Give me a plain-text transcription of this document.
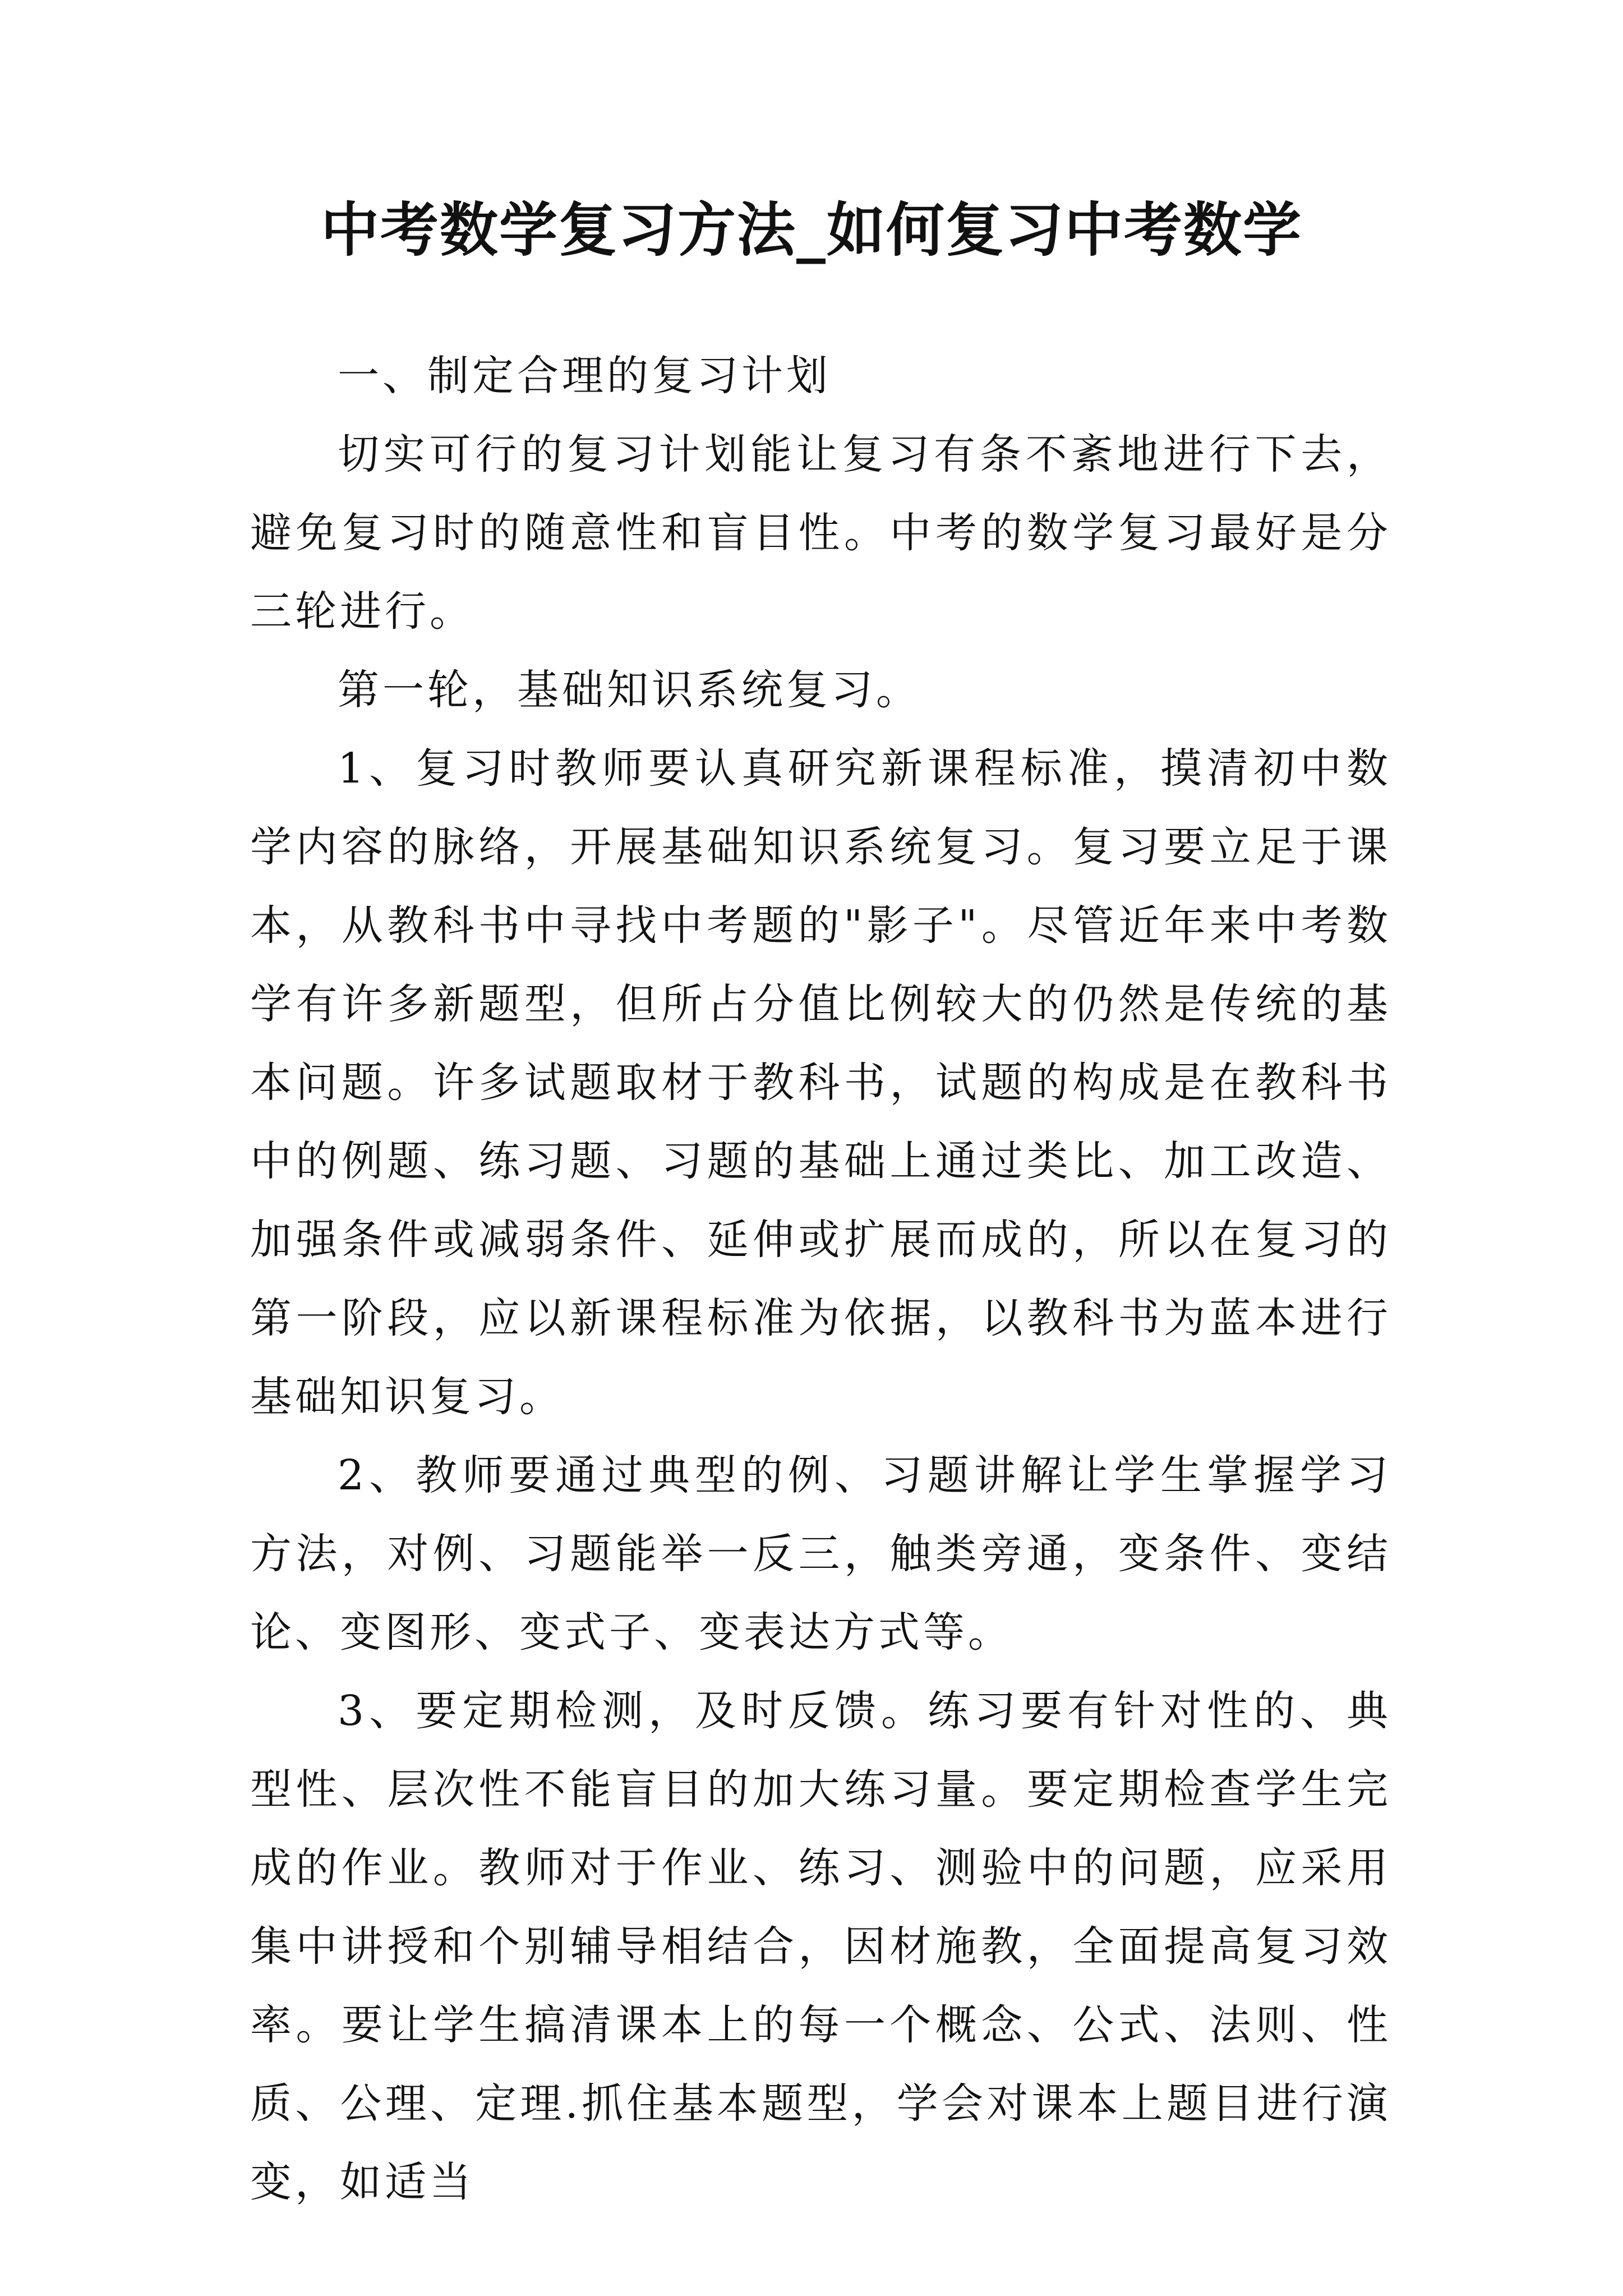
中考数学复习方法_如何复习中考数学

一、制定合理的复习计划

切实可行的复习计划能让复习有条不紊地进行下去，避免复习时的随意性和盲目性。中考的数学复习最好是分三轮进行。

第一轮，基础知识系统复习。

1、复习时教师要认真研究新课程标准，摸清初中数学内容的脉络，开展基础知识系统复习。复习要立足于课本，从教科书中寻找中考题的"影子"。尽管近年来中考数学有许多新题型，但所占分值比例较大的仍然是传统的基本问题。许多试题取材于教科书，试题的构成是在教科书中的例题、练习题、习题的基础上通过类比、加工改造、加强条件或减弱条件、延伸或扩展而成的，所以在复习的第一阶段，应以新课程标准为依据，以教科书为蓝本进行基础知识复习。

2、教师要通过典型的例、习题讲解让学生掌握学习方法，对例、习题能举一反三，触类旁通，变条件、变结论、变图形、变式子、变表达方式等。

3、要定期检测，及时反馈。练习要有针对性的、典型性、层次性不能盲目的加大练习量。要定期检查学生完成的作业。教师对于作业、练习、测验中的问题，应采用集中讲授和个别辅导相结合，因材施教，全面提高复习效率。要让学生搞清课本上的每一个概念、公式、法则、性质、公理、定理.抓住基本题型，学会对课本上题目进行演变，如适当
